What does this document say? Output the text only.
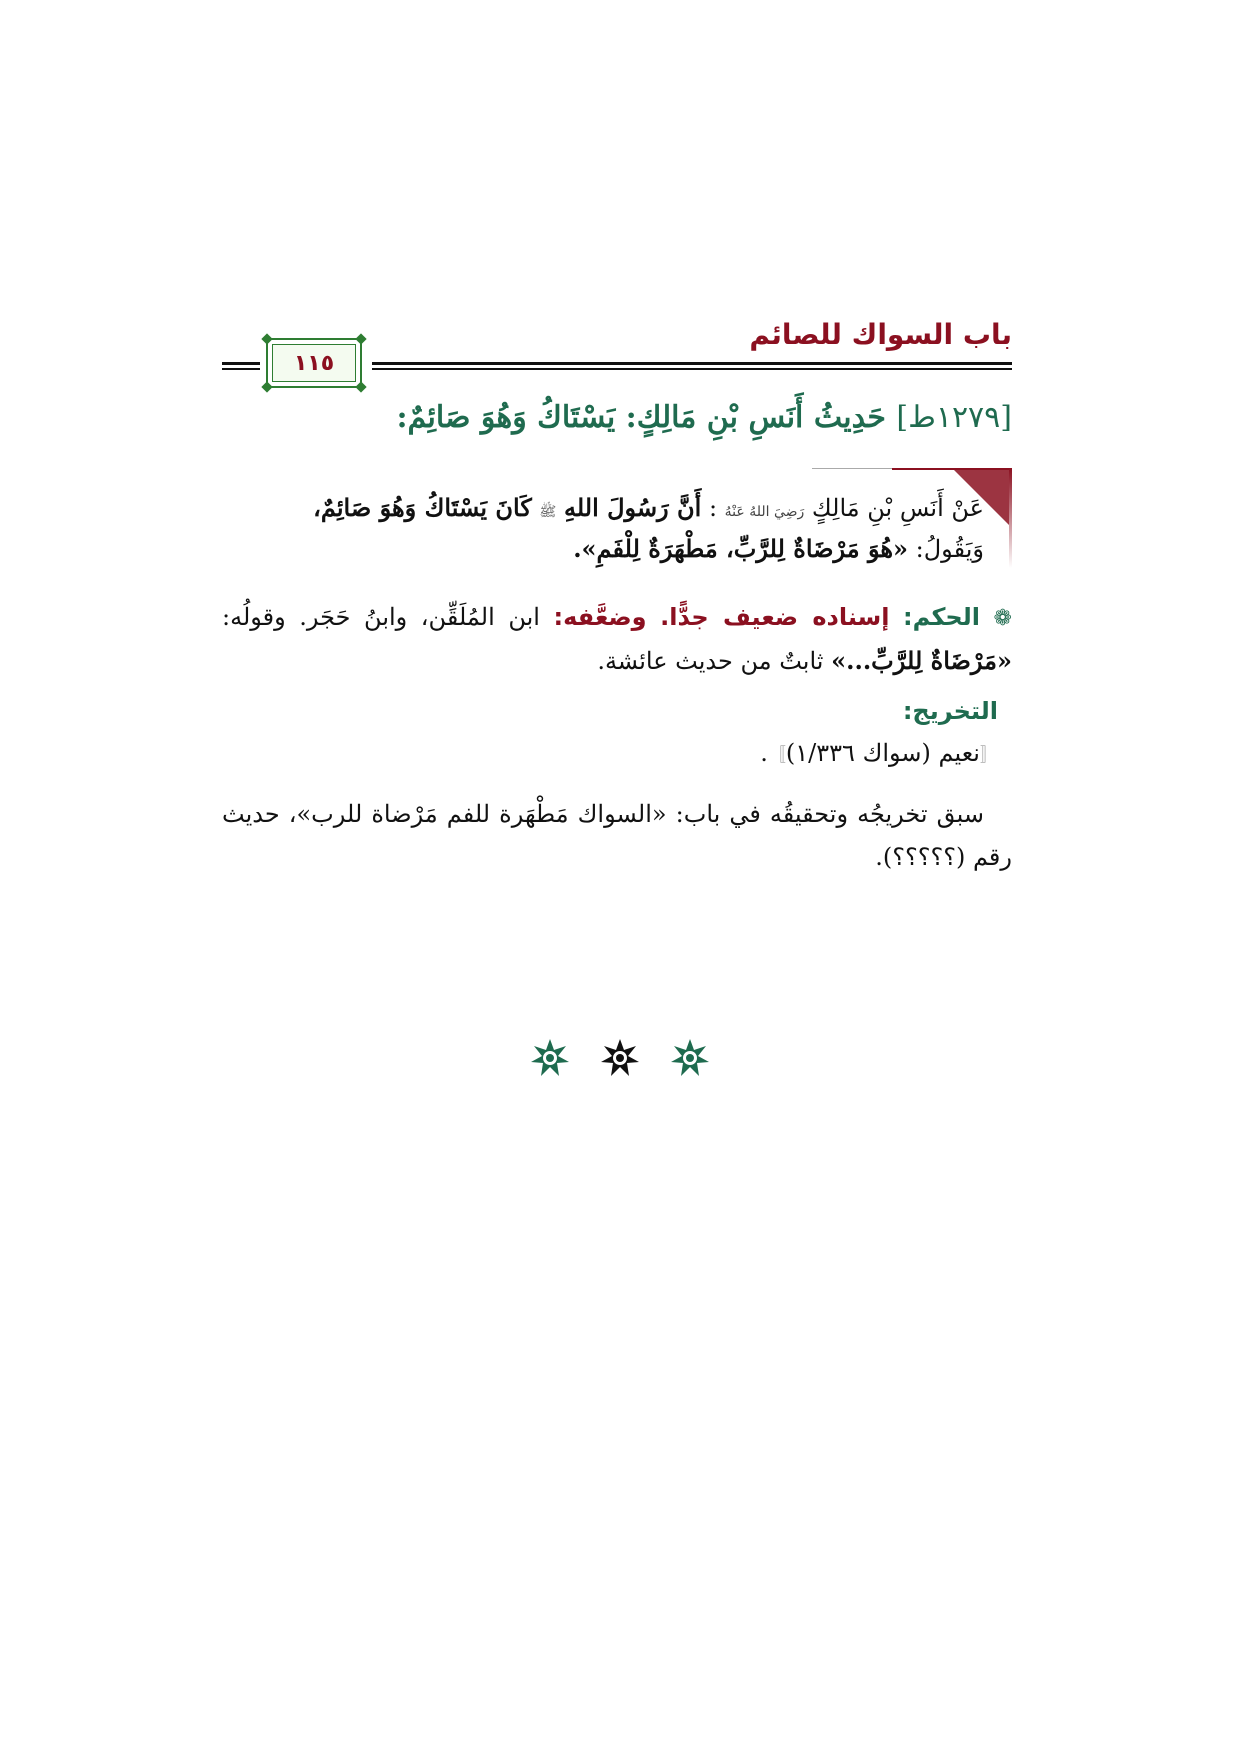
باب السواك للصائم
١١٥
[١٢٧٩ط] حَدِيثُ أَنَسِ بْنِ مَالِكٍ: يَسْتَاكُ وَهُوَ صَائِمٌ:
عَنْ أَنَسِ بْنِ مَالِكٍ رَضِيَ اللهُ عَنْهُ : أَنَّ رَسُولَ اللهِ ﷺ كَانَ يَسْتَاكُ وَهُوَ صَائِمٌ،
وَيَقُولُ: «هُوَ مَرْضَاةٌ لِلرَّبِّ، مَطْهَرَةٌ لِلْفَمِ».
❁ الحكم: إسناده ضعيف جدًّا. وضعَّفه: ابن المُلَقِّن، وابنُ حَجَر. وقولُه: «مَرْضَاةٌ لِلرَّبِّ...» ثابتٌ من حديث عائشة.
التخريج:
〚نعيم (سواك ١/٣٣٦)〛.
سبق تخريجُه وتحقيقُه في باب: «السواك مَطْهَرة للفم مَرْضاة للرب»، حديث رقم (؟؟؟؟؟).
